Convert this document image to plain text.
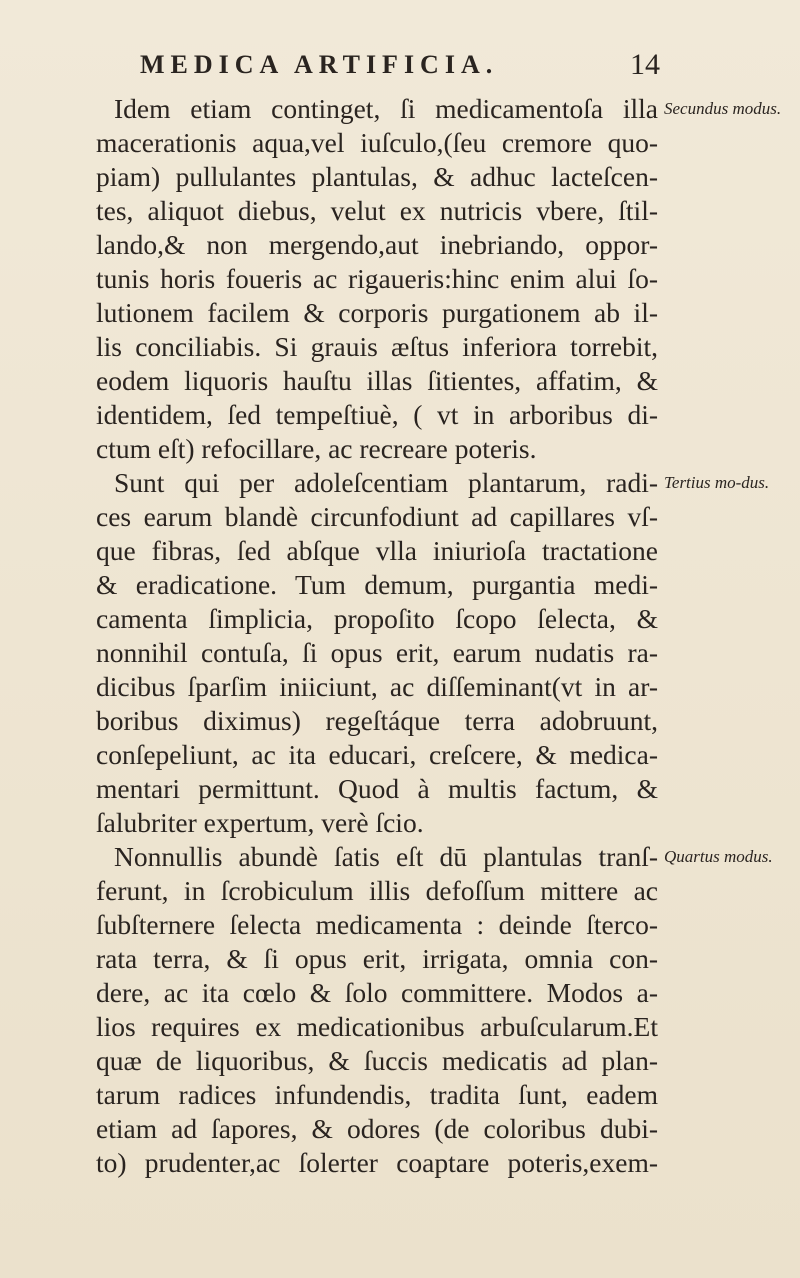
MEDICA ARTIFICIA.	14
Idem etiam continget, ſi medicamentoſa illa
macerationis aqua,vel iuſculo,(ſeu cremore quo-
piam) pullulantes plantulas, & adhuc lacteſcen-
tes, aliquot diebus, velut ex nutricis vbere, ſtil-
lando,& non mergendo,aut inebriando, oppor-
tunis horis foueris ac rigaueris:hinc enim alui ſo-
lutionem facilem & corporis purgationem ab il-
lis conciliabis. Si grauis æſtus inferiora torrebit,
eodem liquoris hauſtu illas ſitientes, affatim, &
identidem, ſed tempeſtiuè, ( vt in arboribus di-
ctum eſt) refocillare, ac recreare poteris.
Sunt qui per adoleſcentiam plantarum, radi-
ces earum blandè circunfodiunt ad capillares vſ-
que fibras, ſed abſque vlla iniurioſa tractatione
& eradicatione. Tum demum, purgantia medi-
camenta ſimplicia, propoſito ſcopo ſelecta, &
nonnihil contuſa, ſi opus erit, earum nudatis ra-
dicibus ſparſim iniiciunt, ac diſſeminant(vt in ar-
boribus diximus) regeſtáque terra adobruunt,
conſepeliunt, ac ita educari, creſcere, & medica-
mentari permittunt. Quod à multis factum, &
ſalubriter expertum, verè ſcio.
Nonnullis abundè ſatis eſt dū plantulas tranſ-
ferunt, in ſcrobiculum illis defoſſum mittere ac
ſubſternere ſelecta medicamenta : deinde ſterco-
rata terra, & ſi opus erit, irrigata, omnia con-
dere, ac ita cœlo & ſolo committere. Modos a-
lios requires ex medicationibus arbuſcularum.Et
quæ de liquoribus, & ſuccis medicatis ad plan-
tarum radices infundendis, tradita ſunt, eadem
etiam ad ſapores, & odores (de coloribus dubi-
to) prudenter,ac ſolerter coaptare poteris,exem-
Secundus modus.
Tertius mo-dus.
Quartus modus.
